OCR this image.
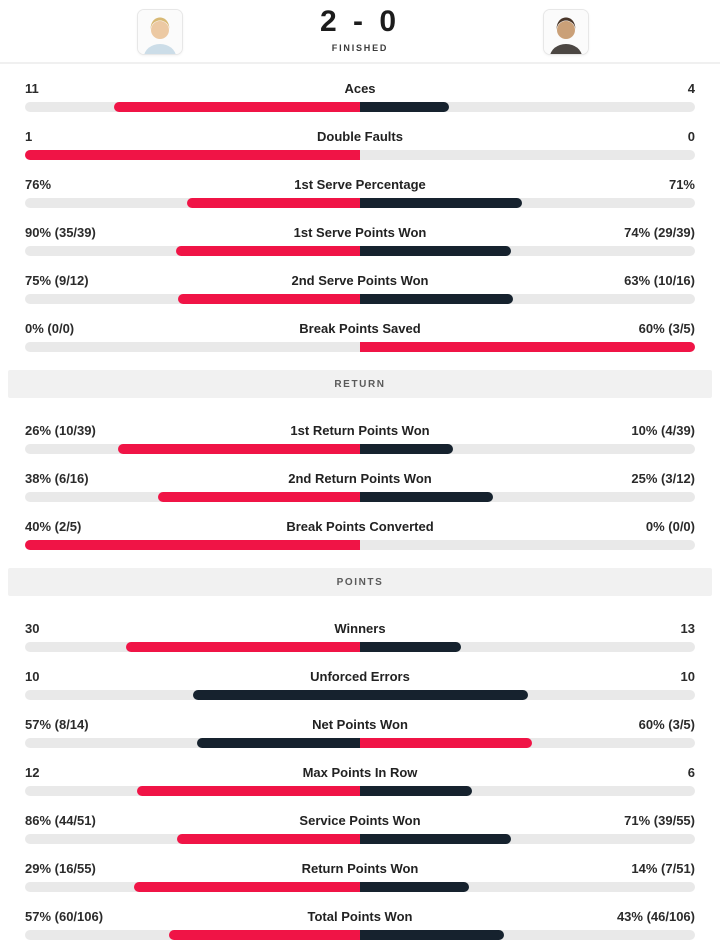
2 - 0
FINISHED
11	Aces	4
1	Double Faults	0
76%	1st Serve Percentage	71%
90% (35/39)	1st Serve Points Won	74% (29/39)
75% (9/12)	2nd Serve Points Won	63% (10/16)
0% (0/0)	Break Points Saved	60% (3/5)
RETURN
26% (10/39)	1st Return Points Won	10% (4/39)
38% (6/16)	2nd Return Points Won	25% (3/12)
40% (2/5)	Break Points Converted	0% (0/0)
POINTS
30	Winners	13
10	Unforced Errors	10
57% (8/14)	Net Points Won	60% (3/5)
12	Max Points In Row	6
86% (44/51)	Service Points Won	71% (39/55)
29% (16/55)	Return Points Won	14% (7/51)
57% (60/106)	Total Points Won	43% (46/106)
